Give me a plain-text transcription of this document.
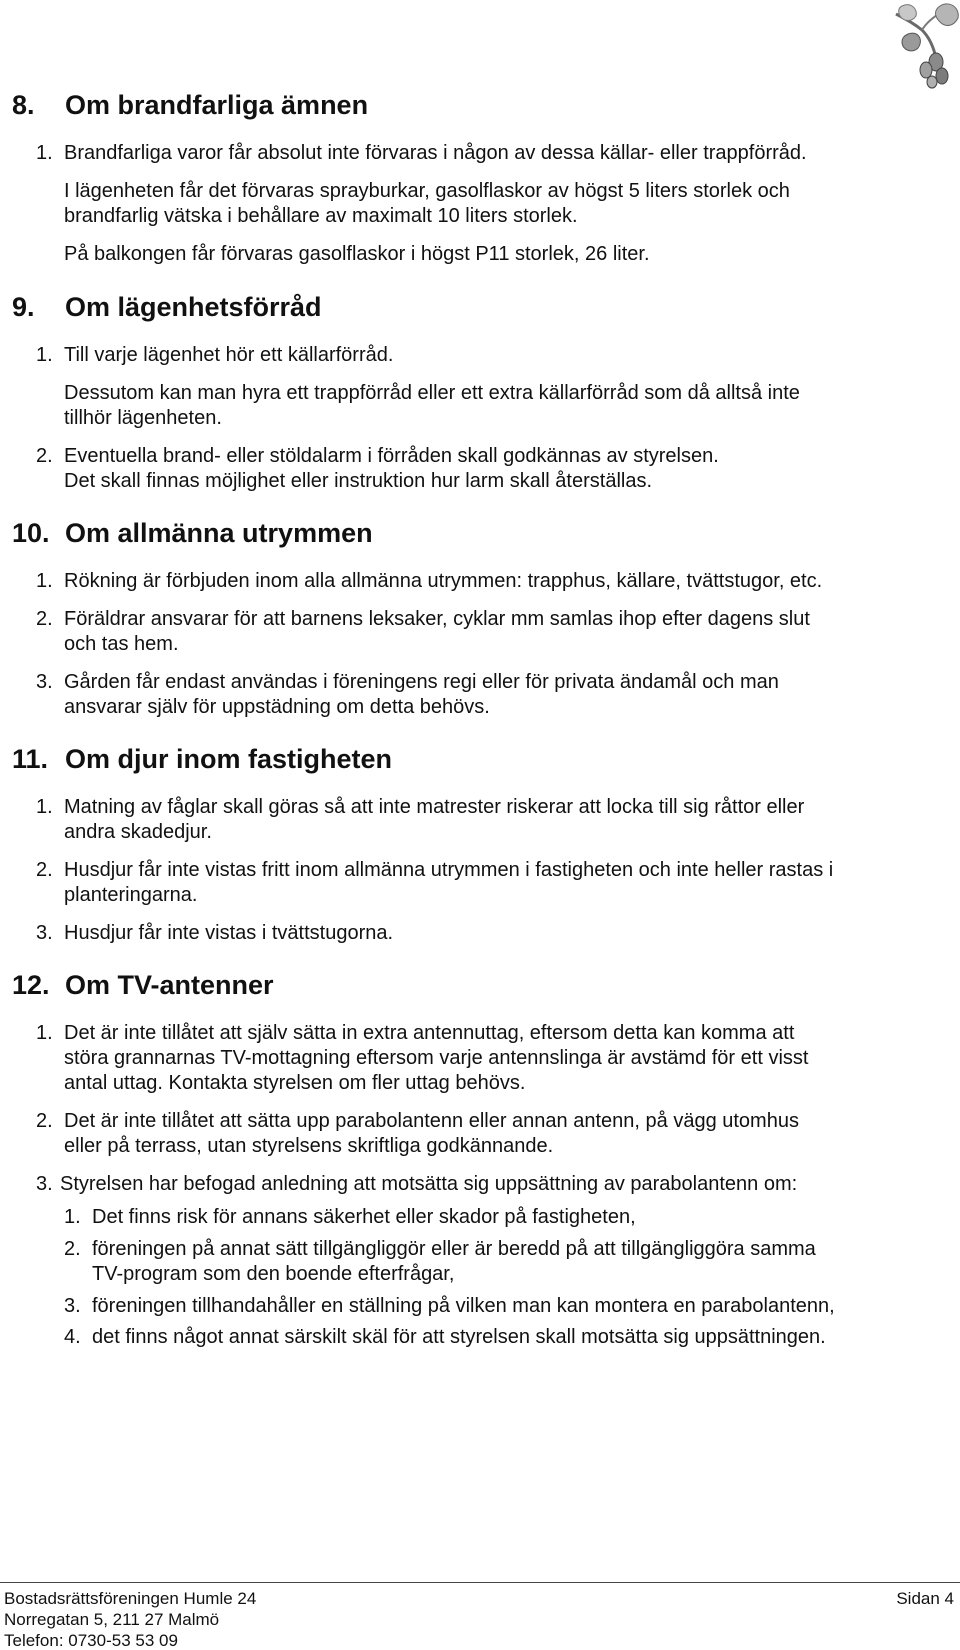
8. Om brandfarliga ämnen
1. Brandfarliga varor får absolut inte förvaras i någon av dessa källar- eller trappförråd.
I lägenheten får det förvaras sprayburkar, gasolflaskor av högst 5 liters storlek och
brandfarlig vätska i behållare av maximalt 10 liters storlek.
På balkongen får förvaras gasolflaskor i högst P11 storlek, 26 liter.
9. Om lägenhetsförråd
1. Till varje lägenhet hör ett källarförråd.
Dessutom kan man hyra ett trappförråd eller ett extra källarförråd som då alltså inte
tillhör lägenheten.
2. Eventuella brand- eller stöldalarm i förråden skall godkännas av styrelsen.
Det skall finnas möjlighet eller instruktion hur larm skall återställas.
10. Om allmänna utrymmen
1. Rökning är förbjuden inom alla allmänna utrymmen: trapphus, källare, tvättstugor, etc.
2. Föräldrar ansvarar för att barnens leksaker, cyklar mm samlas ihop efter dagens slut
och tas hem.
3. Gården får endast användas i föreningens regi eller för privata ändamål och man
ansvarar själv för uppstädning om detta behövs.
11. Om djur inom fastigheten
1. Matning av fåglar skall göras så att inte matrester riskerar att locka till sig råttor eller
andra skadedjur.
2. Husdjur får inte vistas fritt inom allmänna utrymmen i fastigheten och inte heller rastas i
planteringarna.
3. Husdjur får inte vistas i tvättstugorna.
12. Om TV-antenner
1. Det är inte tillåtet att själv sätta in extra antennuttag, eftersom detta kan komma att
störa grannarnas TV-mottagning eftersom varje antennslinga är avstämd för ett visst
antal uttag. Kontakta styrelsen om fler uttag behövs.
2. Det är inte tillåtet att sätta upp parabolantenn eller annan antenn, på vägg utomhus
eller på terrass, utan styrelsens skriftliga godkännande.
3. Styrelsen har befogad anledning att motsätta sig uppsättning av parabolantenn om:
1. Det finns risk för annans säkerhet eller skador på fastigheten,
2. föreningen på annat sätt tillgängliggör eller är beredd på att tillgängliggöra samma
TV-program som den boende efterfrågar,
3. föreningen tillhandahåller en ställning på vilken man kan montera en parabolantenn,
4. det finns något annat särskilt skäl för att styrelsen skall motsätta sig uppsättningen.
Bostadsrättsföreningen Humle 24
Norregatan 5, 211 27 Malmö
Telefon: 0730-53 53 09
Sidan 4
